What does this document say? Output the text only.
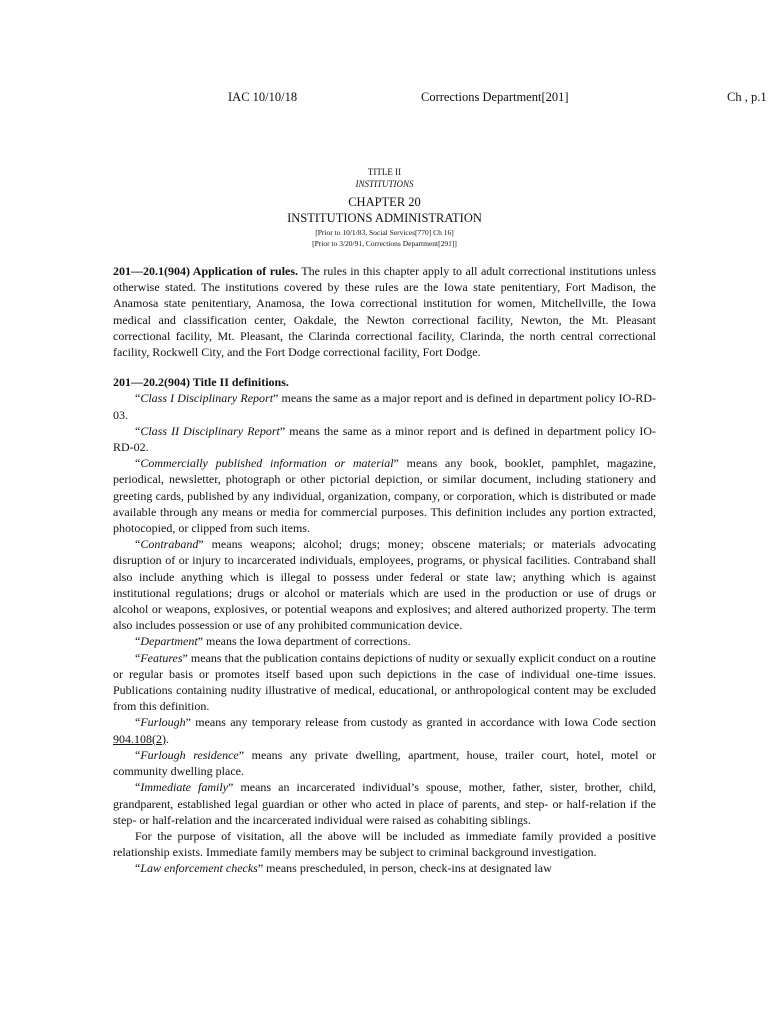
IAC 10/10/18	Corrections Department[201]	Ch , p.1
TITLE II
INSTITUTIONS
CHAPTER 20
INSTITUTIONS ADMINISTRATION
[Prior to 10/1/83, Social Services[770] Ch 16]
[Prior to 3/20/91, Corrections Department[291]]

201—20.1(904) Application of rules. The rules in this chapter apply to all adult correctional institutions unless otherwise stated. The institutions covered by these rules are the Iowa state penitentiary, Fort Madison, the Anamosa state penitentiary, Anamosa, the Iowa correctional institution for women, Mitchellville, the Iowa medical and classification center, Oakdale, the Newton correctional facility, Newton, the Mt. Pleasant correctional facility, Mt. Pleasant, the Clarinda correctional facility, Clarinda, the north central correctional facility, Rockwell City, and the Fort Dodge correctional facility, Fort Dodge.

201—20.2(904) Title II definitions.

“Class I Disciplinary Report” means the same as a major report and is defined in department policy IO-RD-03.

“Class II Disciplinary Report” means the same as a minor report and is defined in department policy IO-RD-02.

“Commercially published information or material” means any book, booklet, pamphlet, magazine, periodical, newsletter, photograph or other pictorial depiction, or similar document, including stationery and greeting cards, published by any individual, organization, company, or corporation, which is distributed or made available through any means or media for commercial purposes. This definition includes any portion extracted, photocopied, or clipped from such items.

“Contraband” means weapons; alcohol; drugs; money; obscene materials; or materials advocating disruption of or injury to incarcerated individuals, employees, programs, or physical facilities. Contraband shall also include anything which is illegal to possess under federal or state law; anything which is against institutional regulations; drugs or alcohol or materials which are used in the production or use of drugs or alcohol or weapons, explosives, or potential weapons and explosives; and altered authorized property. The term also includes possession or use of any prohibited communication device.

“Department” means the Iowa department of corrections.

“Features” means that the publication contains depictions of nudity or sexually explicit conduct on a routine or regular basis or promotes itself based upon such depictions in the case of individual one-time issues. Publications containing nudity illustrative of medical, educational, or anthropological content may be excluded from this definition.

“Furlough” means any temporary release from custody as granted in accordance with Iowa Code section 904.108(2).

“Furlough residence” means any private dwelling, apartment, house, trailer court, hotel, motel or community dwelling place.

“Immediate family” means an incarcerated individual’s spouse, mother, father, sister, brother, child, grandparent, established legal guardian or other who acted in place of parents, and step- or half-relation if the step- or half-relation and the incarcerated individual were raised as cohabiting siblings.

For the purpose of visitation, all the above will be included as immediate family provided a positive relationship exists. Immediate family members may be subject to criminal background investigation.

“Law enforcement checks” means prescheduled, in person, check-ins at designated law
